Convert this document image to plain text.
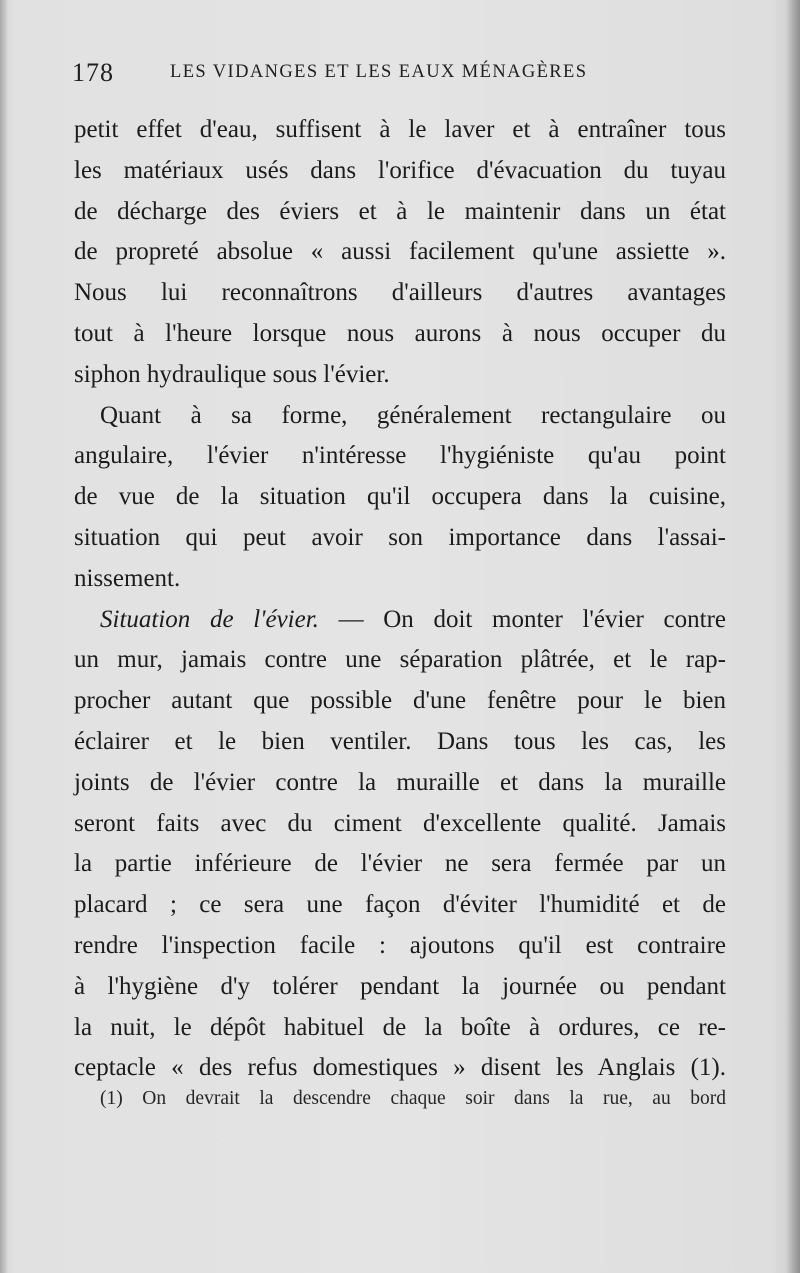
178	LES VIDANGES ET LES EAUX MÉNAGÈRES
petit effet d'eau, suffisent à le laver et à entraîner tous
les matériaux usés dans l'orifice d'évacuation du tuyau
de décharge des éviers et à le maintenir dans un état
de propreté absolue « aussi facilement qu'une assiette ».
Nous lui reconnaîtrons d'ailleurs d'autres avantages
tout à l'heure lorsque nous aurons à nous occuper du
siphon hydraulique sous l'évier.
Quant à sa forme, généralement rectangulaire ou
angulaire, l'évier n'intéresse l'hygiéniste qu'au point
de vue de la situation qu'il occupera dans la cuisine,
situation qui peut avoir son importance dans l'assai-
nissement.
Situation de l'évier. — On doit monter l'évier contre
un mur, jamais contre une séparation plâtrée, et le rap-
procher autant que possible d'une fenêtre pour le bien
éclairer et le bien ventiler. Dans tous les cas, les
joints de l'évier contre la muraille et dans la muraille
seront faits avec du ciment d'excellente qualité. Jamais
la partie inférieure de l'évier ne sera fermée par un
placard ; ce sera une façon d'éviter l'humidité et de
rendre l'inspection facile : ajoutons qu'il est contraire
à l'hygiène d'y tolérer pendant la journée ou pendant
la nuit, le dépôt habituel de la boîte à ordures, ce re-
ceptacle « des refus domestiques » disent les Anglais (1).
(1) On devrait la descendre chaque soir dans la rue, au bord
